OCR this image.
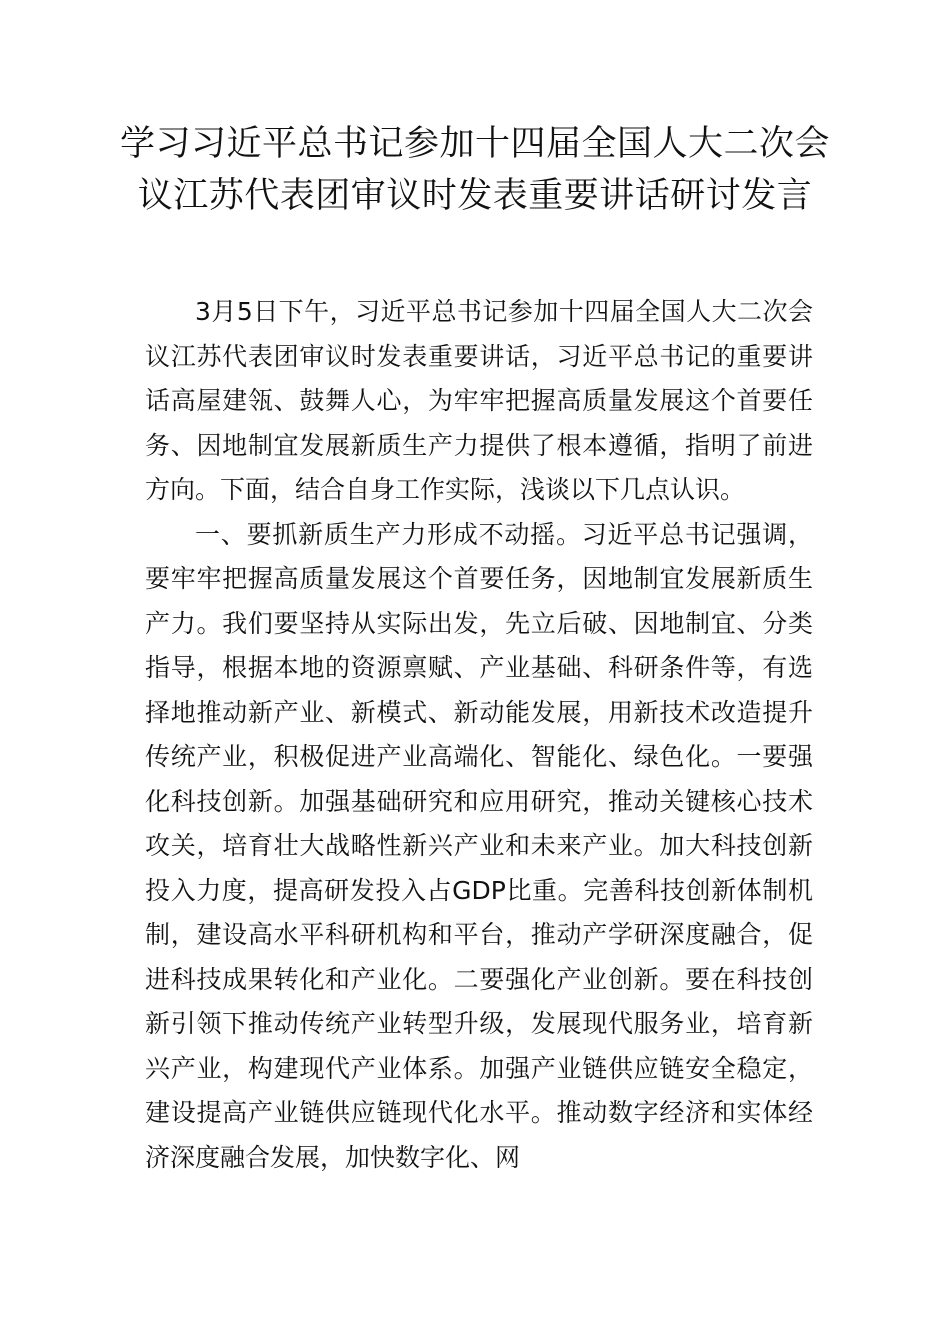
学习习近平总书记参加十四届全国人大二次会议江苏代表团审议时发表重要讲话研讨发言

3月5日下午，习近平总书记参加十四届全国人大二次会议江苏代表团审议时发表重要讲话，习近平总书记的重要讲话高屋建瓴、鼓舞人心，为牢牢把握高质量发展这个首要任务、因地制宜发展新质生产力提供了根本遵循，指明了前进方向。下面，结合自身工作实际，浅谈以下几点认识。

一、要抓新质生产力形成不动摇。习近平总书记强调，要牢牢把握高质量发展这个首要任务，因地制宜发展新质生产力。我们要坚持从实际出发，先立后破、因地制宜、分类指导，根据本地的资源禀赋、产业基础、科研条件等，有选择地推动新产业、新模式、新动能发展，用新技术改造提升传统产业，积极促进产业高端化、智能化、绿色化。一要强化科技创新。加强基础研究和应用研究，推动关键核心技术攻关，培育壮大战略性新兴产业和未来产业。加大科技创新投入力度，提高研发投入占GDP比重。完善科技创新体制机制，建设高水平科研机构和平台，推动产学研深度融合，促进科技成果转化和产业化。二要强化产业创新。要在科技创新引领下推动传统产业转型升级，发展现代服务业，培育新兴产业，构建现代产业体系。加强产业链供应链安全稳定，建设提高产业链供应链现代化水平。推动数字经济和实体经济深度融合发展，加快数字化、网
